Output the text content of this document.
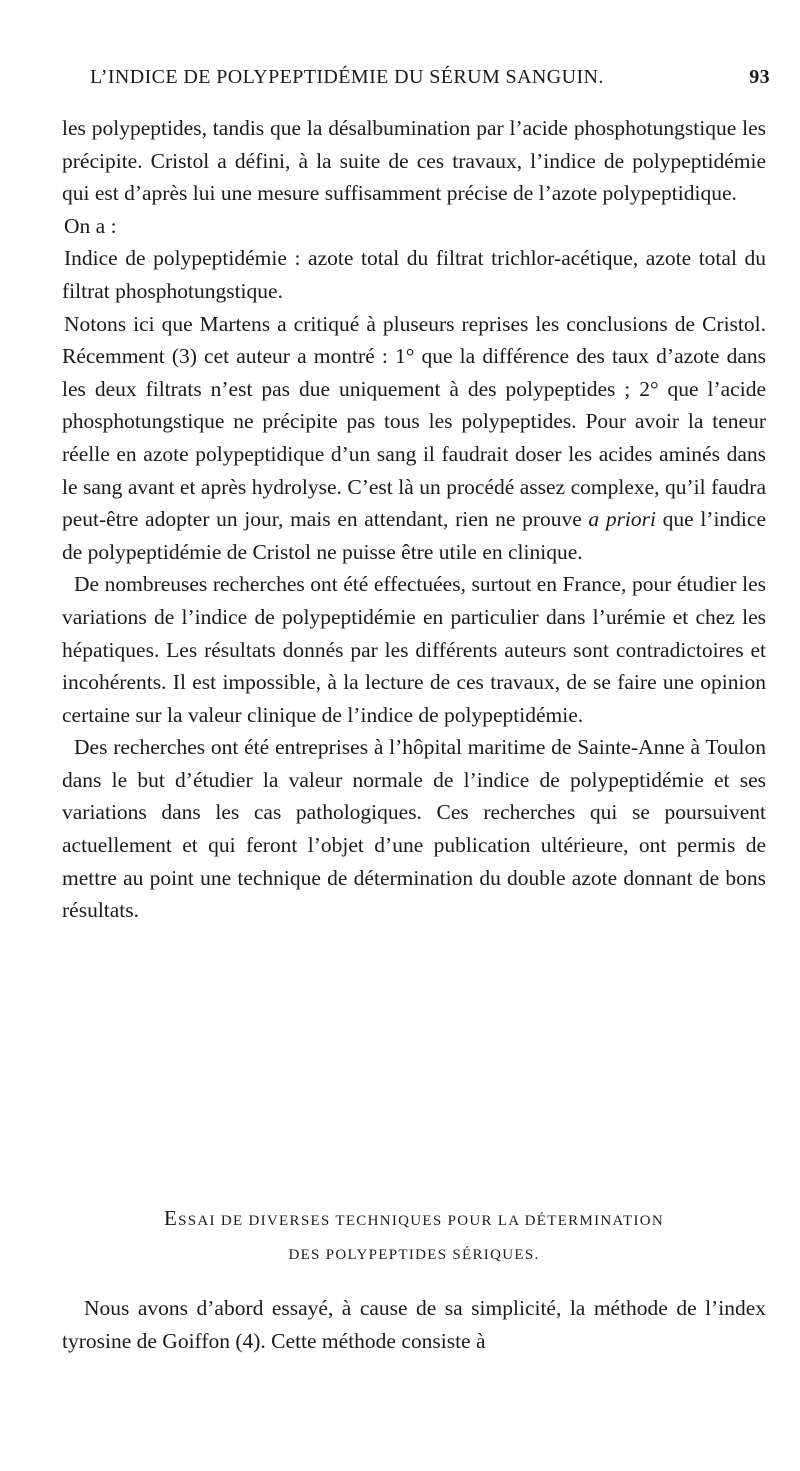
L’INDICE DE POLYPEPTIDÉMIE DU SÉRUM SANGUIN.	93

les polypeptides, tandis que la désalbumination par l’acide phosphotungstique les précipite. Cristol a défini, à la suite de ces travaux, l’indice de polypeptidémie qui est d’après lui une mesure suffisamment précise de l’azote polypeptidique.

On a :

Indice de polypeptidémie : azote total du filtrat trichlor-acétique, azote total du filtrat phosphotungstique.

Notons ici que Martens a critiqué à pluseurs reprises les conclusions de Cristol. Récemment (3) cet auteur a montré : 1° que la différence des taux d’azote dans les deux filtrats n’est pas due uniquement à des polypeptides ; 2° que l’acide phosphotungstique ne précipite pas tous les polypeptides. Pour avoir la teneur réelle en azote polypeptidique d’un sang il faudrait doser les acides aminés dans le sang avant et après hydrolyse. C’est là un procédé assez complexe, qu’il faudra peut-être adopter un jour, mais en attendant, rien ne prouve a priori que l’indice de polypeptidémie de Cristol ne puisse être utile en clinique.

De nombreuses recherches ont été effectuées, surtout en France, pour étudier les variations de l’indice de polypeptidémie en particulier dans l’urémie et chez les hépatiques. Les résultats donnés par les différents auteurs sont contradictoires et incohérents. Il est impossible, à la lecture de ces travaux, de se faire une opinion certaine sur la valeur clinique de l’indice de polypeptidémie.

Des recherches ont été entreprises à l’hôpital maritime de Sainte-Anne à Toulon dans le but d’étudier la valeur normale de l’indice de polypeptidémie et ses variations dans les cas pathologiques. Ces recherches qui se poursuivent actuellement et qui feront l’objet d’une publication ultérieure, ont permis de mettre au point une technique de détermination du double azote donnant de bons résultats.

ESSAI DE DIVERSES TECHNIQUES POUR LA DÉTERMINATION
DES POLYPEPTIDES SÉRIQUES.

Nous avons d’abord essayé, à cause de sa simplicité, la méthode de l’index tyrosine de Goiffon (4). Cette méthode consiste à
